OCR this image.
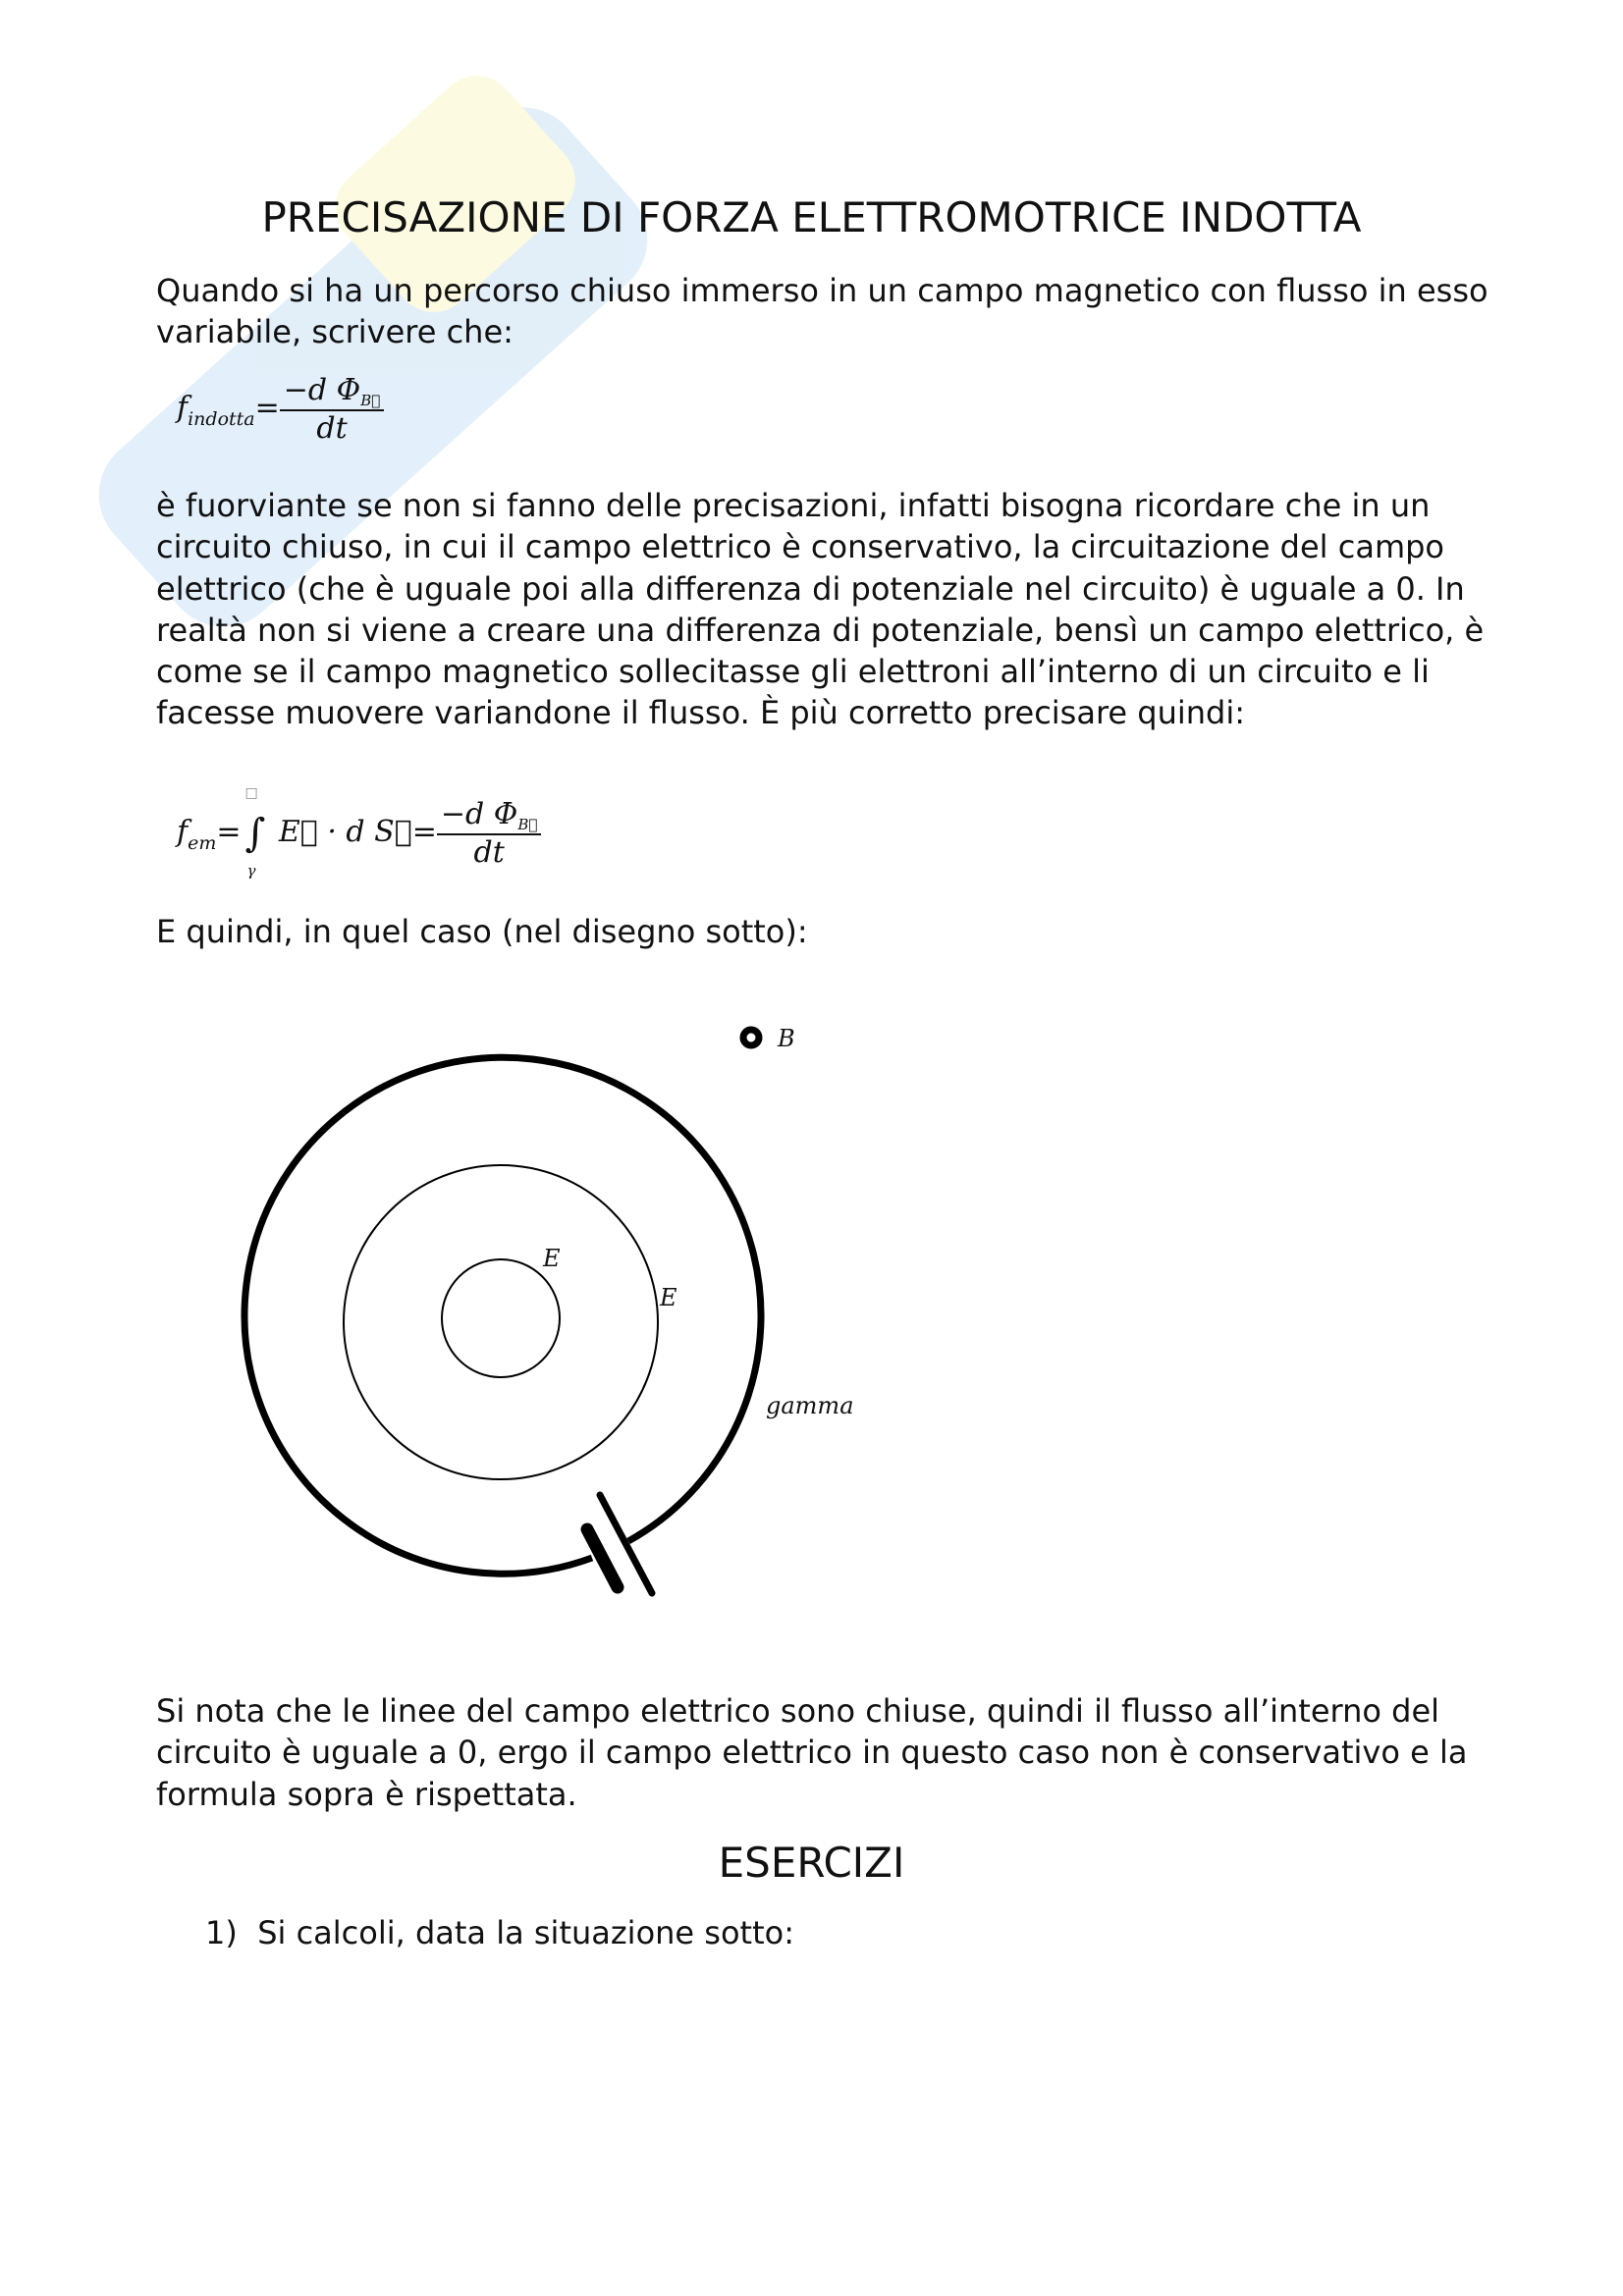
PRECISAZIONE DI FORZA ELETTROMOTRICE INDOTTA
Quando si ha un percorso chiuso immerso in un campo magnetico con flusso in esso variabile, scrivere che:
$f_{indotta}= \frac{-d \Phi_{B⃗}}{dt}$
è fuorviante se non si fanno delle precisazioni, infatti bisogna ricordare che in un circuito chiuso, in cui il campo elettrico è conservativo, la circuitazione del campo elettrico (che è uguale poi alla differenza di potenziale nel circuito) è uguale a 0. In realtà non si viene a creare una differenza di potenziale, bensì un campo elettrico, è come se il campo magnetico sollecitasse gli elettroni all’interno di un circuito e li facesse muovere variandone il flusso. È più corretto precisare quindi:
$f_{em}=$
□
∫
γ
E⃗ · d S⃗= $\frac{-d \Phi_{B⃗}}{dt}$
E quindi, in quel caso (nel disegno sotto):
B
E
E
gamma
Si nota che le linee del campo elettrico sono chiuse, quindi il flusso all’interno del circuito è uguale a 0, ergo il campo elettrico in questo caso non è conservativo e la formula sopra è rispettata.
ESERCIZI
1) Si calcoli, data la situazione sotto:
